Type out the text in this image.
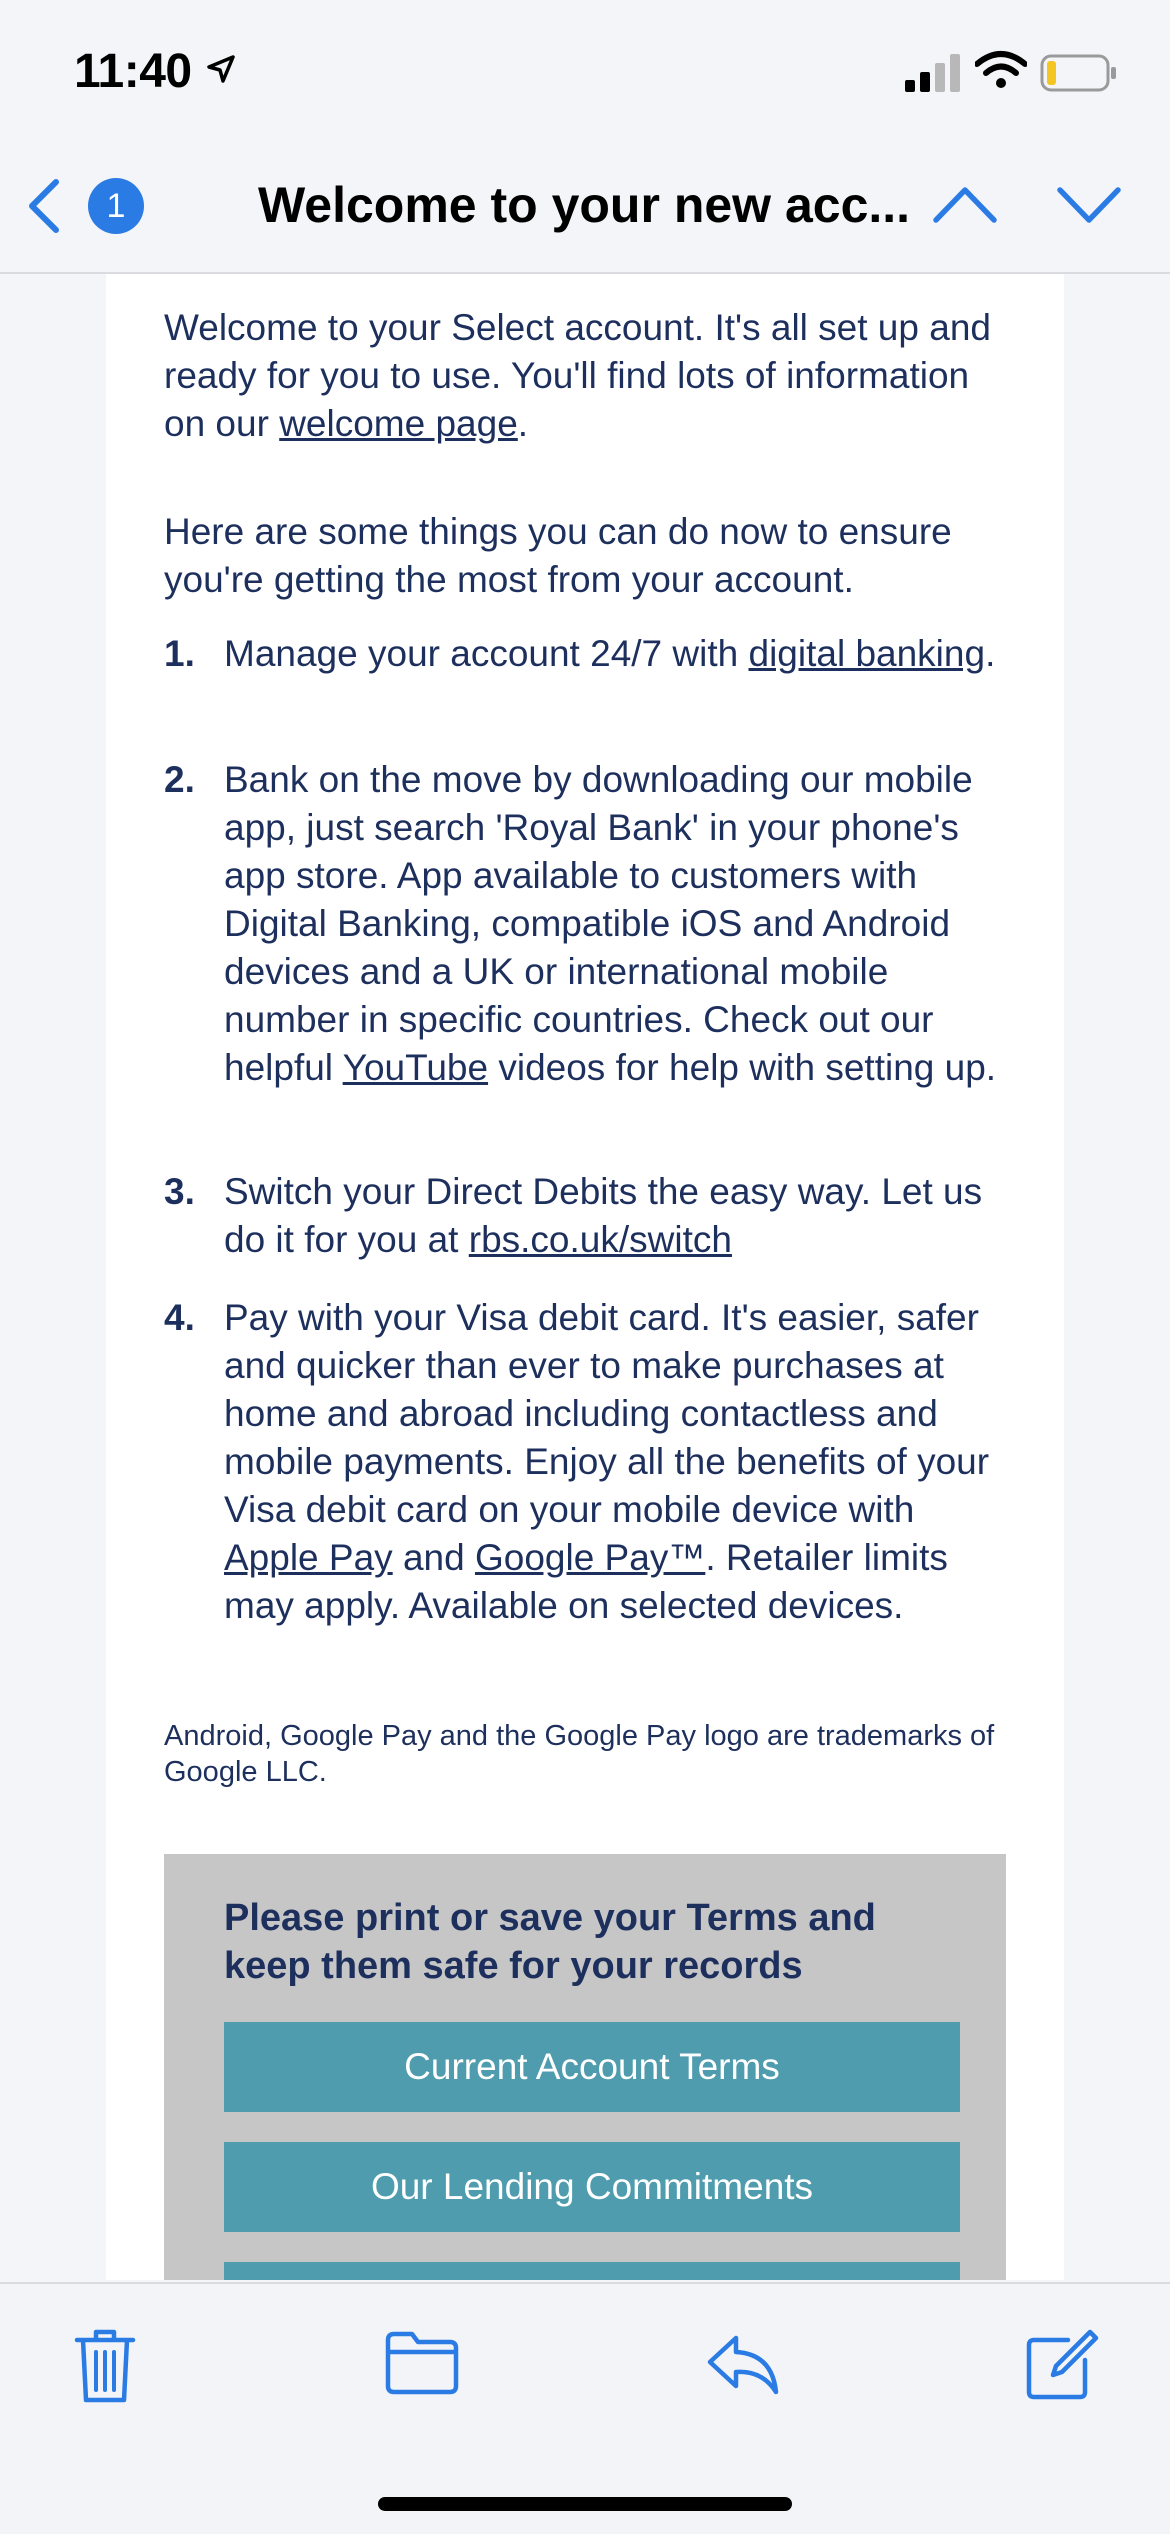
11:40
1	Welcome to your new acc...

Welcome to your Select account. It's all set up and ready for you to use. You'll find lots of information on our welcome page.

Here are some things you can do now to ensure you're getting the most from your account.

1. Manage your account 24/7 with digital banking.

2. Bank on the move by downloading our mobile app, just search 'Royal Bank' in your phone's app store. App available to customers with Digital Banking, compatible iOS and Android devices and a UK or international mobile number in specific countries. Check out our helpful YouTube videos for help with setting up.

3. Switch your Direct Debits the easy way. Let us do it for you at rbs.co.uk/switch

4. Pay with your Visa debit card. It's easier, safer and quicker than ever to make purchases at home and abroad including contactless and mobile payments. Enjoy all the benefits of your Visa debit card on your mobile device with Apple Pay and Google Pay™. Retailer limits may apply. Available on selected devices.

Android, Google Pay and the Google Pay logo are trademarks of Google LLC.

Please print or save your Terms and keep them safe for your records
Current Account Terms
Our Lending Commitments
